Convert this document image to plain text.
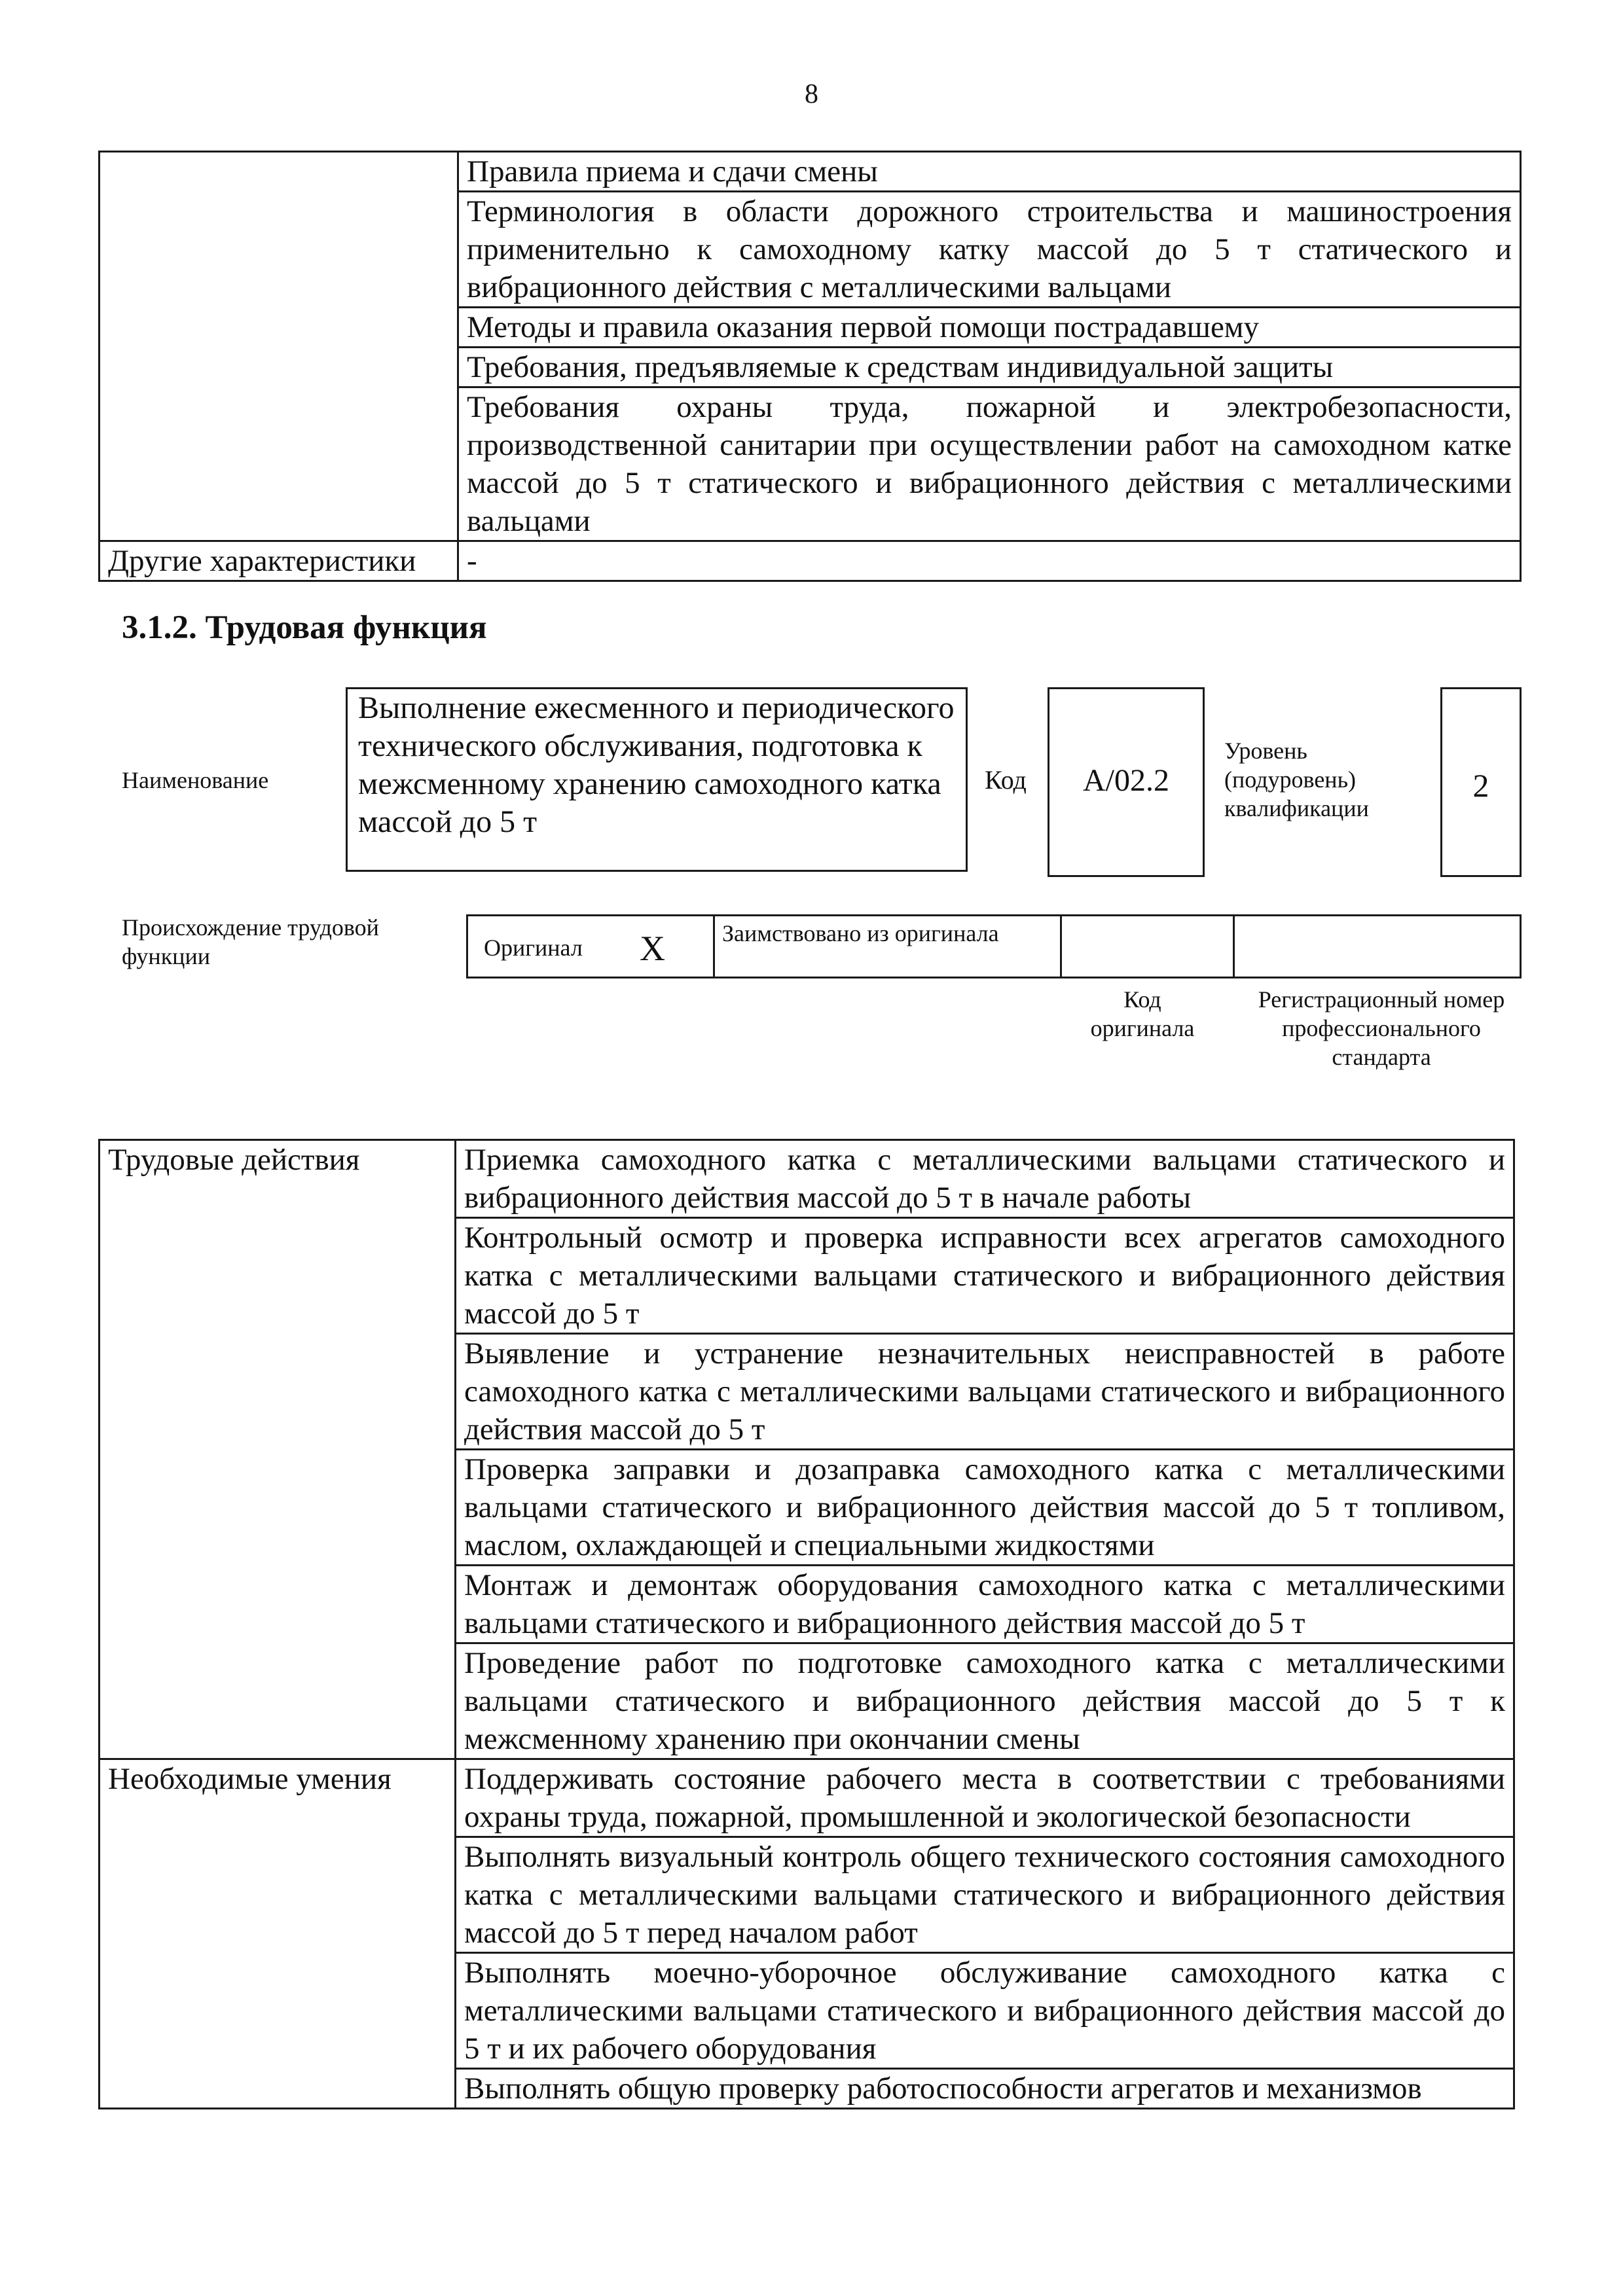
8
	Правила приема и сдачи смены
	Терминология в области дорожного строительства и машиностроения применительно к самоходному катку массой до 5 т статического и вибрационного действия с металлическими вальцами
	Методы и правила оказания первой помощи пострадавшему
	Требования, предъявляемые к средствам индивидуальной защиты
	Требования охраны труда, пожарной и электробезопасности, производственной санитарии при осуществлении работ на самоходном катке массой до 5 т статического и вибрационного действия с металлическими вальцами
Другие характеристики	-
3.1.2. Трудовая функция
Наименование
Выполнение ежесменного и периодического технического обслуживания, подготовка к межсменному хранению самоходного катка массой до 5 т
Код	А/02.2
Уровень (подуровень) квалификации
2
Происхождение трудовой функции	Оригинал X Заимствовано из оригинала
Код оригинала
Регистрационный номер профессионального стандарта
Трудовые действия	Приемка самоходного катка с металлическими вальцами статического и вибрационного действия массой до 5 т в начале работы
	Контрольный осмотр и проверка исправности всех агрегатов самоходного катка с металлическими вальцами статического и вибрационного действия массой до 5 т
	Выявление и устранение незначительных неисправностей в работе самоходного катка с металлическими вальцами статического и вибрационного действия массой до 5 т
	Проверка заправки и дозаправка самоходного катка с металлическими вальцами статического и вибрационного действия массой до 5 т топливом, маслом, охлаждающей и специальными жидкостями
	Монтаж и демонтаж оборудования самоходного катка с металлическими вальцами статического и вибрационного действия массой до 5 т
	Проведение работ по подготовке самоходного катка с металлическими вальцами статического и вибрационного действия массой до 5 т к межсменному хранению при окончании смены
Необходимые умения	Поддерживать состояние рабочего места в соответствии с требованиями охраны труда, пожарной, промышленной и экологической безопасности
	Выполнять визуальный контроль общего технического состояния самоходного катка с металлическими вальцами статического и вибрационного действия массой до 5 т перед началом работ
	Выполнять моечно-уборочное обслуживание самоходного катка с металлическими вальцами статического и вибрационного действия массой до 5 т и их рабочего оборудования
	Выполнять общую проверку работоспособности агрегатов и механизмов
